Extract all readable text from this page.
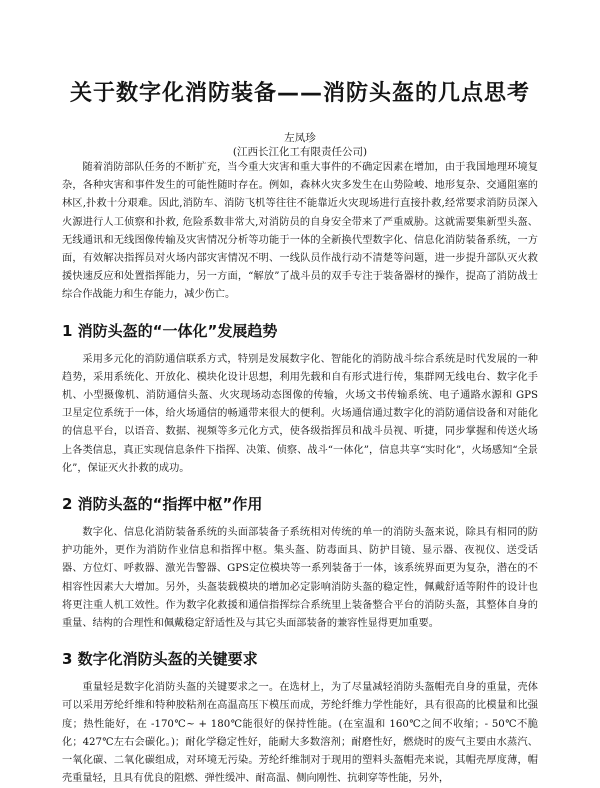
关于数字化消防装备——消防头盔的几点思考
左凤珍
(江西长江化工有限责任公司)

随着消防部队任务的不断扩充，当今重大灾害和重大事件的不确定因素在增加，由于我国地理环境复杂，各种灾害和事件发生的可能性随时存在。例如，森林火灾多发生在山势险峻、地形复杂、交通阻塞的林区,扑救十分艰难。因此,消防车、消防飞机等往往不能靠近火灾现场进行直接扑救,经常要求消防员深入火源进行人工侦察和扑救, 危险系数非常大,对消防员的自身安全带来了严重威胁。这就需要集新型头盔、无线通讯和无线图像传输及灾害情况分析等功能于一体的全新换代型数字化、信息化消防装备系统，一方面，有效解决指挥员对火场内部灾害情况不明、一线队员作战行动不清楚等问题，进一步提升部队灭火救援快速反应和处置指挥能力，另一方面，“解放”了战斗员的双手专注于装备器材的操作，提高了消防战士综合作战能力和生存能力，减少伤亡。

1 消防头盔的“一体化”发展趋势

采用多元化的消防通信联系方式，特别是发展数字化、智能化的消防战斗综合系统是时代发展的一种趋势，采用系统化、开放化、模块化设计思想，利用先载和自有形式进行传，集群网无线电台、数字化手机、小型摄像机、消防通信头盔、火灾现场动态图像的传输，火场文书传输系统、电子通路水源和 GPS 卫星定位系统于一体，给火场通信的畅通带来很大的便利。火场通信通过数字化的消防通信设备和对能化的信息平台，以语音、数据、视频等多元化方式，使各级指挥员和战斗员视、听捷，同步掌握和传送火场上各类信息，真正实现信息条件下指挥、决策、侦察、战斗“一体化”，信息共享“实时化”，火场感知“全景化”，保证灭火扑救的成功。

2 消防头盔的“指挥中枢”作用

数字化、信息化消防装备系统的头面部装备子系统相对传统的单一的消防头盔来说，除具有相同的防护功能外，更作为消防作业信息和指挥中枢。集头盔、防毒面具、防护目镜、显示器、夜视仪、送受话器、方位灯、呼救器、激光告警器、GPS定位模块等一系列装备于一体，该系统界面更为复杂，潜在的不相容性因素大大增加。另外，头盔装载模块的增加必定影响消防头盔的稳定性，佩戴舒适等附件的设计也将更注重人机工效性。作为数字化救援和通信指挥综合系统里上装备整合平台的消防头盔，其整体自身的重量、结构的合理性和佩戴稳定舒适性及与其它头面部装备的兼容性显得更加重要。

3 数字化消防头盔的关键要求

重量轻是数字化消防头盔的关键要求之一。在选材上，为了尽量减轻消防头盔帽壳自身的重量，壳体可以采用芳纶纤维和特种胶粘剂在高温高压下模压而成，芳纶纤维力学性能好，具有很高的比模量和比强度；热性能好，在 -170℃~ + 180℃能很好的保持性能。(在室温和 160℃之间不收缩；- 50℃不脆化；427℃左右会碳化。)；耐化学稳定性好，能耐大多数溶剂；耐磨性好，燃烧时的废气主要由水蒸汽、一氧化碳、二氧化碳组成，对环境无污染。芳纶纤维制对于现用的塑料头盔帽壳来说，其帽壳厚度薄，帽壳重量轻，且具有优良的阻燃、弹性缓冲、耐高温、侧向刚性、抗刺穿等性能，另外，
